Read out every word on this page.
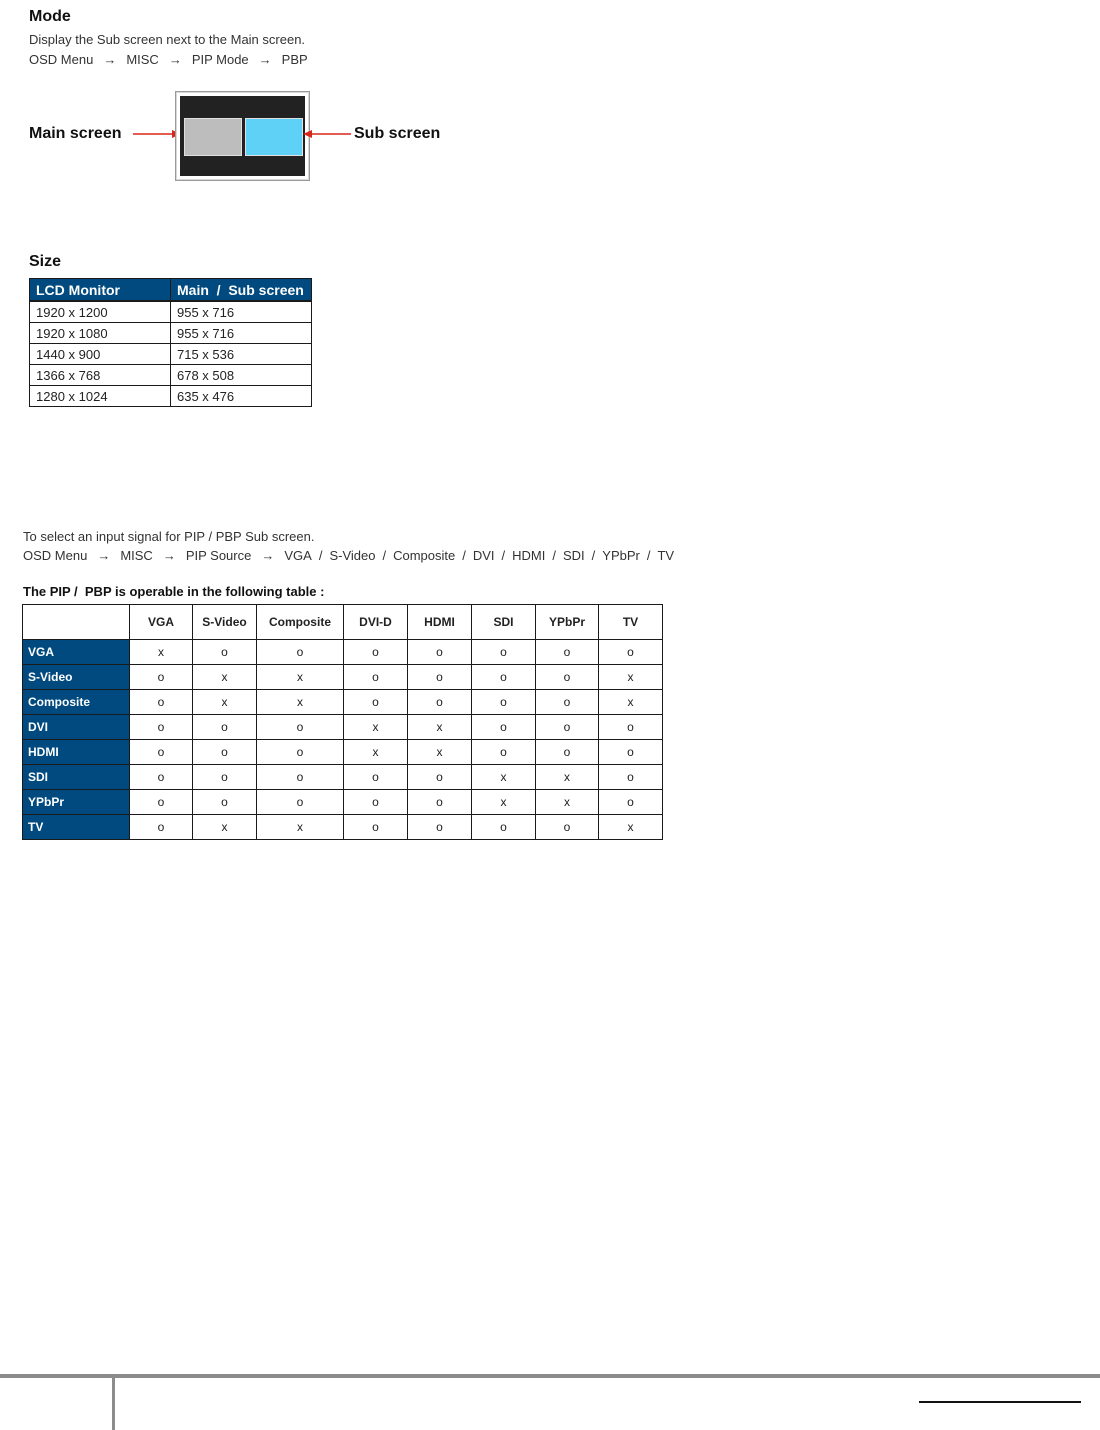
Mode
Display the Sub screen next to the Main screen.
OSD Menu → MISC → PIP Mode → PBP
Main screen	Sub screen
Size
LCD Monitor	Main  /  Sub screen
1920 x 1200	955 x 716
1920 x 1080	955 x 716
1440 x 900	715 x 536
1366 x 768	678 x 508
1280 x 1024	635 x 476
To select an input signal for PIP / PBP Sub screen.
OSD Menu → MISC → PIP Source → VGA / S-Video / Composite / DVI / HDMI / SDI / YPbPr / TV
The PIP /  PBP is operable in the following table :
Sub
Main	VGA	S-Video	Composite	DVI-D	HDMI	SDI	YPbPr	TV
VGA	x	o	o	o	o	o	o	o
S-Video	o	x	x	o	o	o	o	x
Composite	o	x	x	o	o	o	o	x
DVI	o	o	o	x	x	o	o	o
HDMI	o	o	o	x	x	o	o	o
SDI	o	o	o	o	o	x	x	o
YPbPr	o	o	o	o	o	x	x	o
TV	o	x	x	o	o	o	o	x
